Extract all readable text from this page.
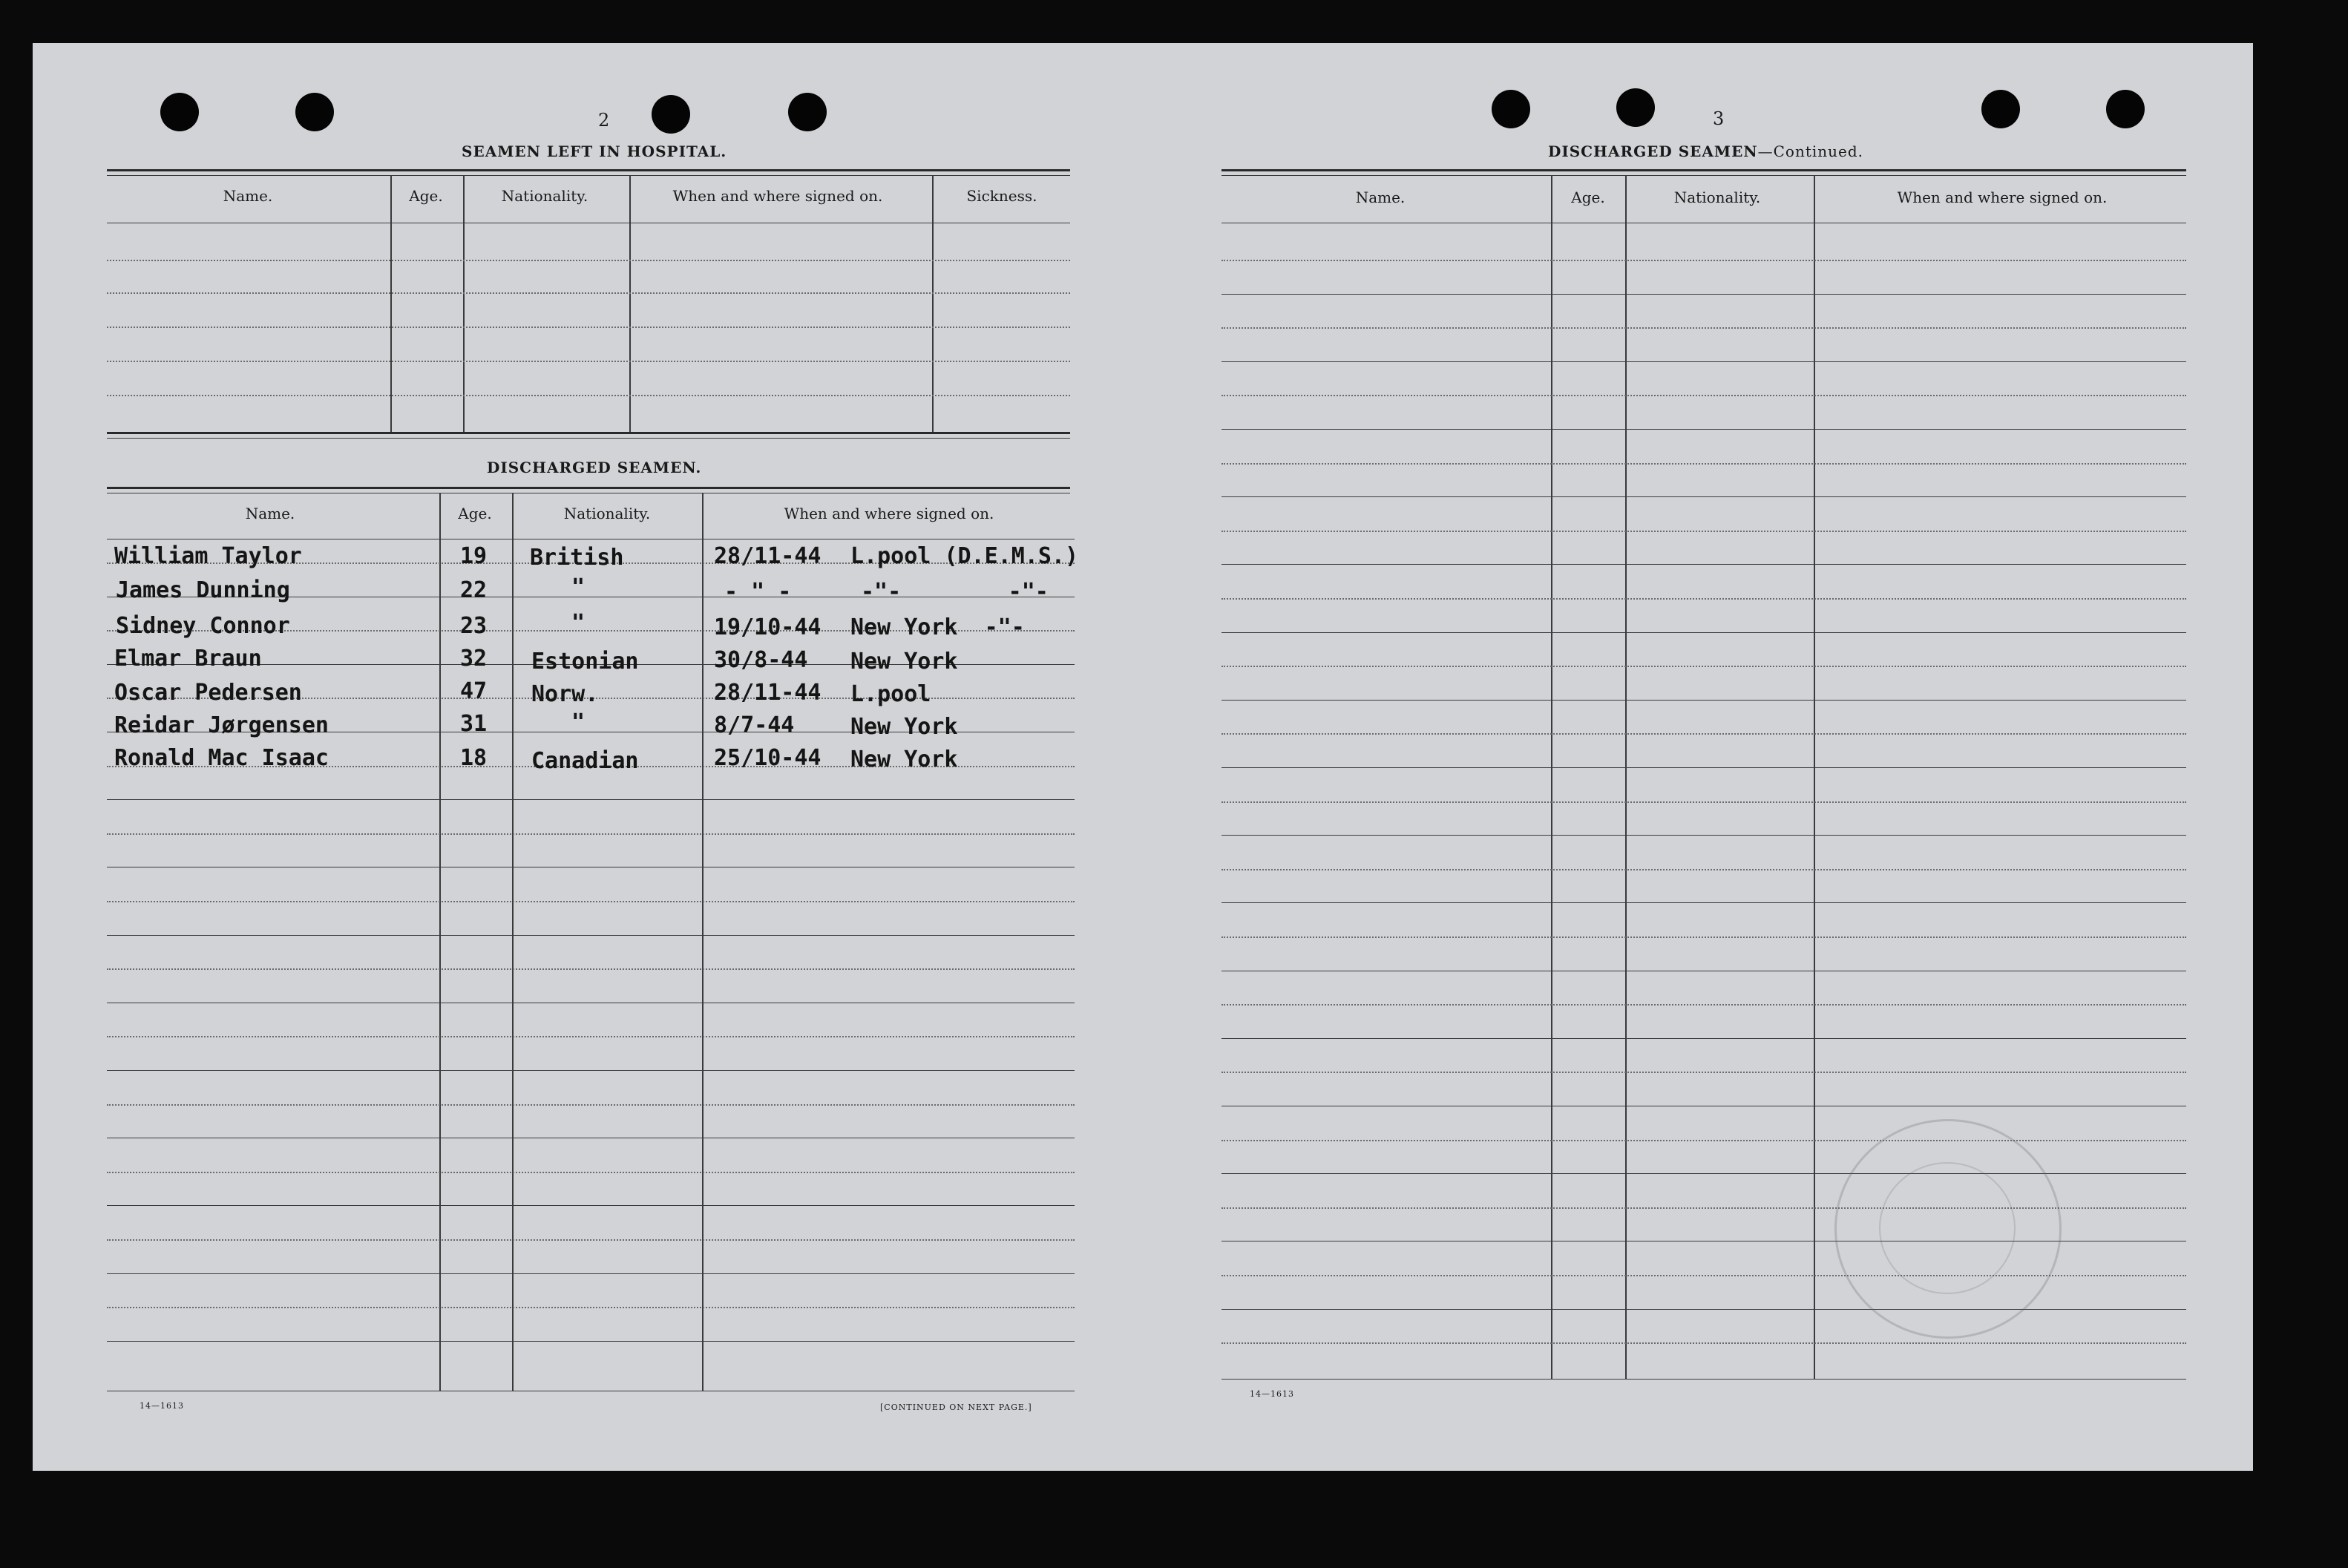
2
SEAMEN LEFT IN HOSPITAL.
Name.	Age.	Nationality.	When and where signed on.	Sickness.
DISCHARGED SEAMEN.
Name.	Age.	Nationality.	When and where signed on.
William Taylor	19 British	28/11-44 L.pool (D.E.M.S.)
James Dunning	22	"	- " -	-"-        -"-
Sidney Connor	23	"	19/10-44 New York  -"-
Elmar Braun	32 Estonian	30/8-44 New York
Oscar Pedersen	47 Norw.	28/11-44 L.pool
Reidar Jørgensen	31	"	8/7-44	New York
Ronald Mac Isaac	18 Canadian	25/10-44 New York
14—1613	[CONTINUED ON NEXT PAGE.]
3
DISCHARGED SEAMEN—Continued.
Name.	Age.	Nationality.	When and where signed on.
14—1613
